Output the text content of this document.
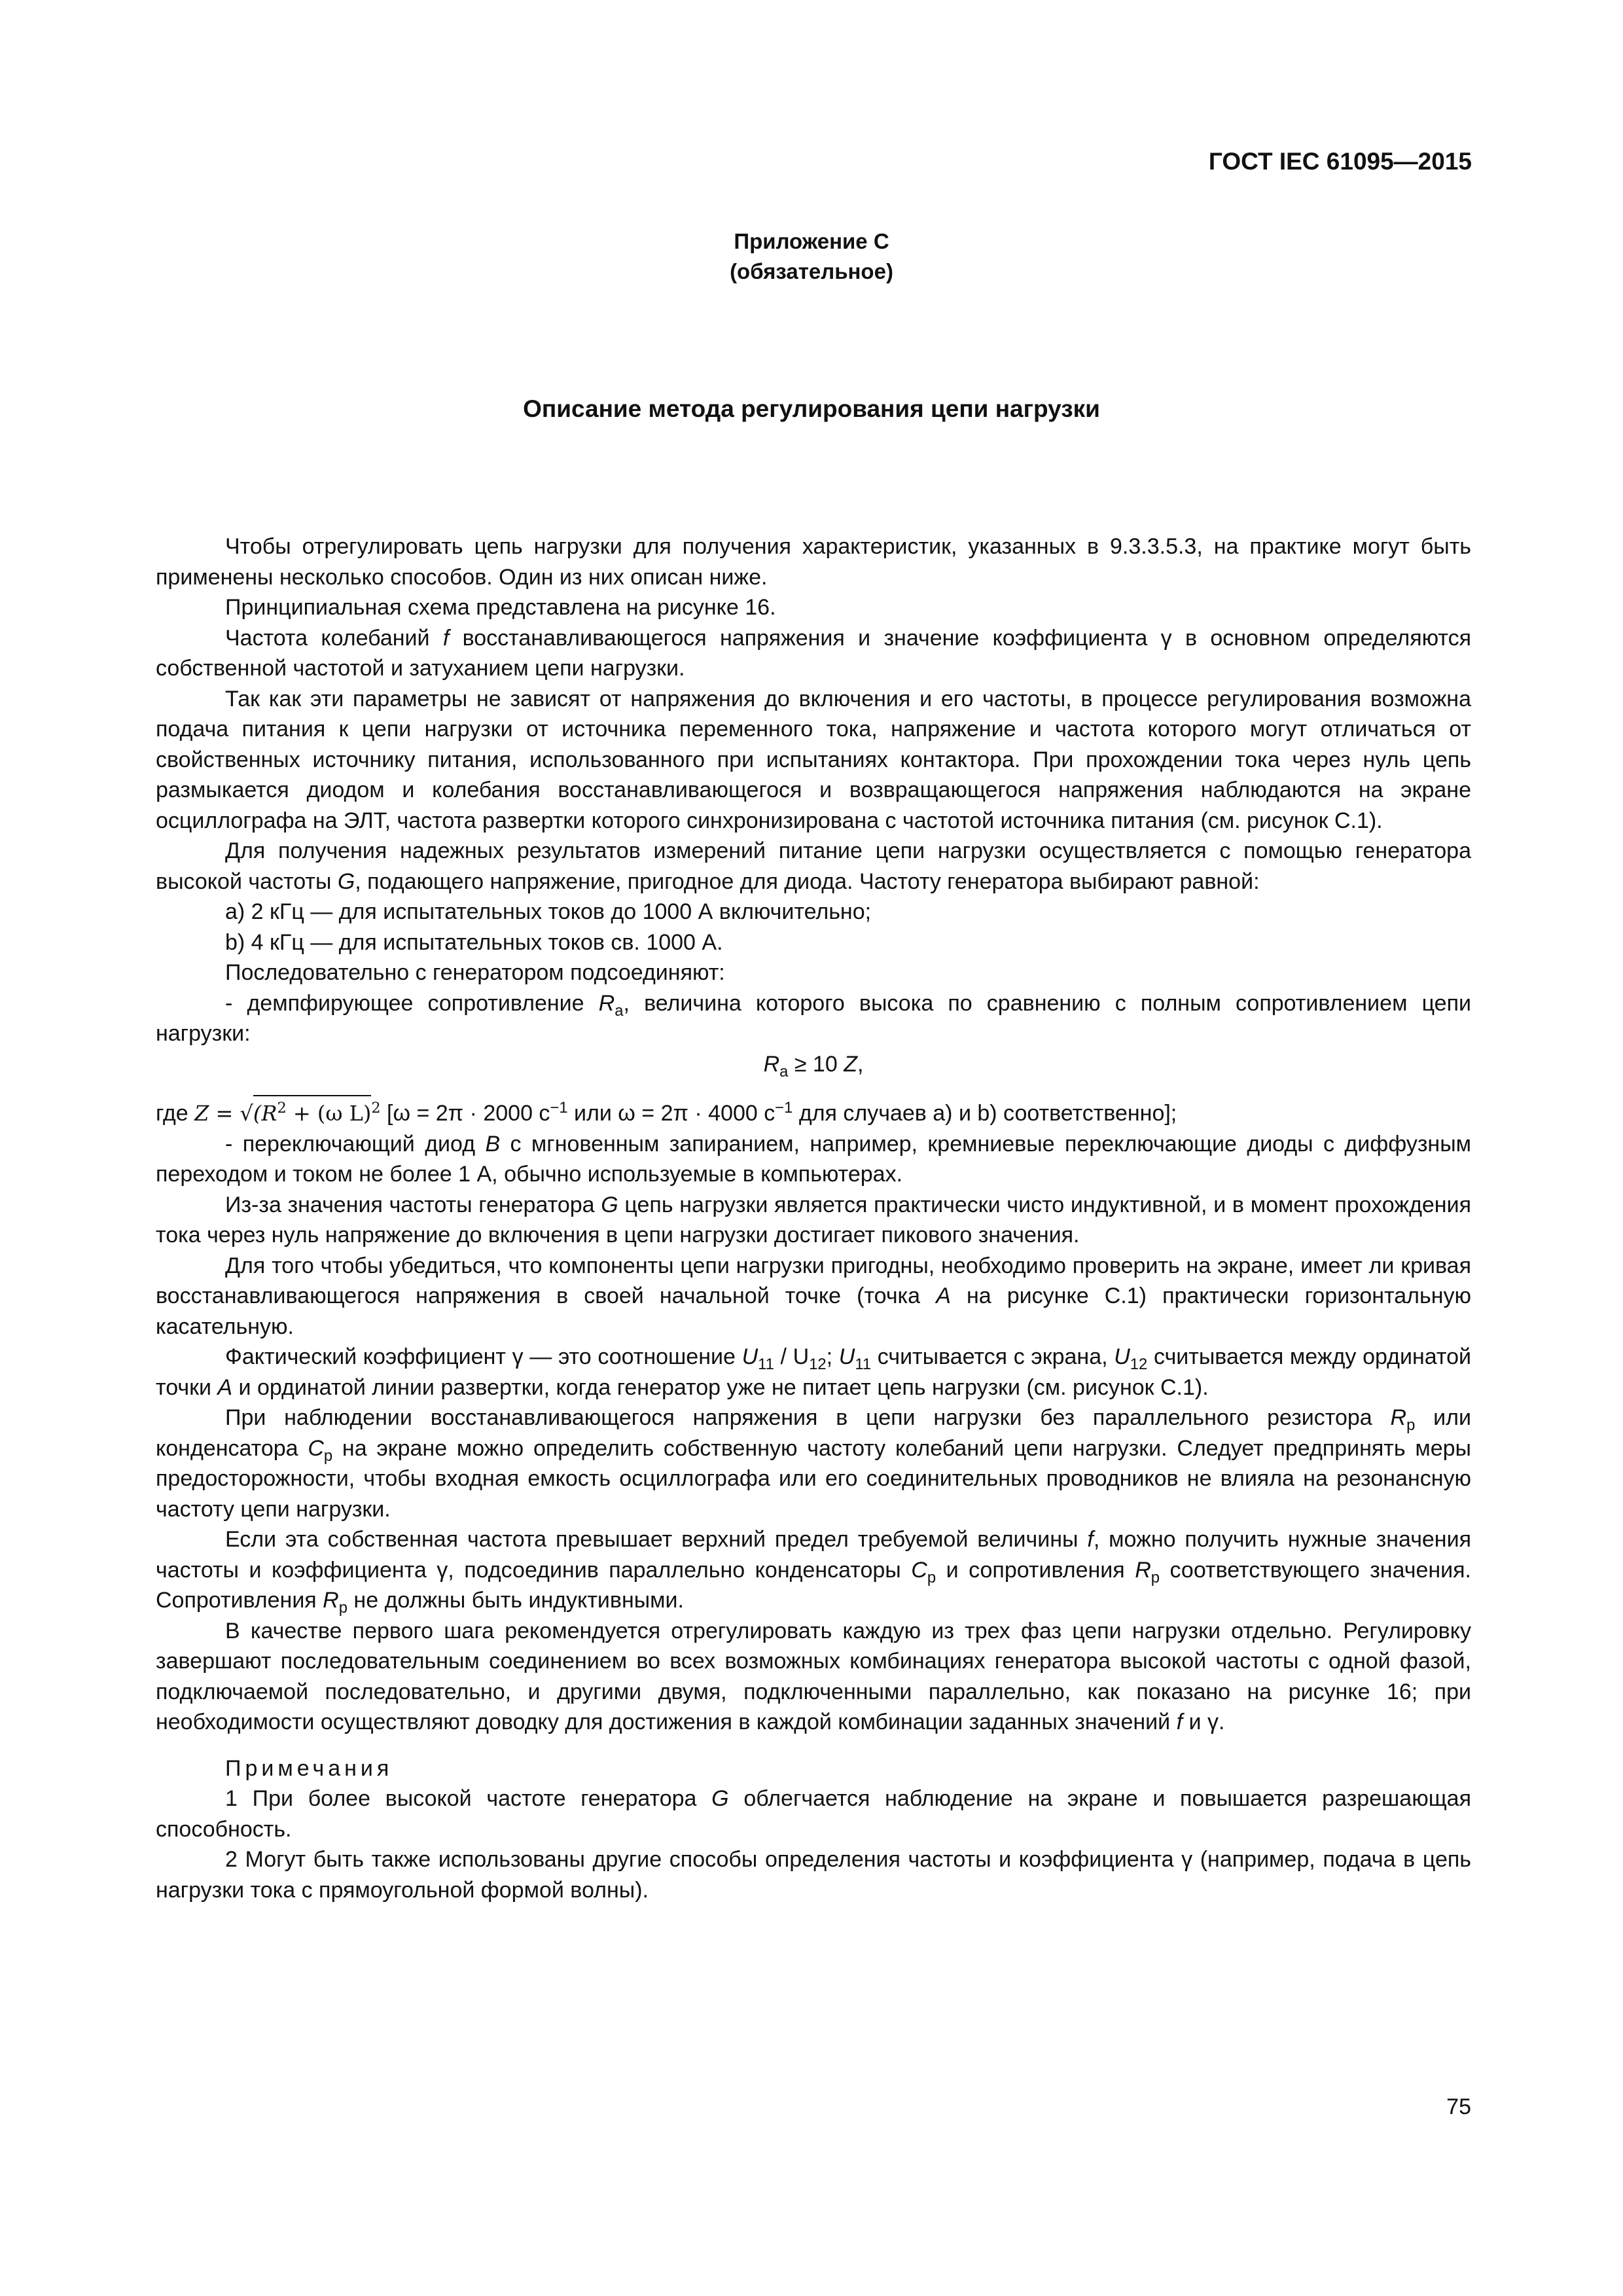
ГОСТ IEC 61095—2015
Приложение С
(обязательное)
Описание метода регулирования цепи нагрузки

Чтобы отрегулировать цепь нагрузки для получения характеристик, указанных в 9.3.3.5.3, на практике могут быть применены несколько способов. Один из них описан ниже.

Принципиальная схема представлена на рисунке 16.

Частота колебаний f восстанавливающегося напряжения и значение коэффициента γ в основном определяются собственной частотой и затуханием цепи нагрузки.

Так как эти параметры не зависят от напряжения до включения и его частоты, в процессе регулирования возможна подача питания к цепи нагрузки от источника переменного тока, напряжение и частота которого могут отличаться от свойственных источнику питания, использованного при испытаниях контактора. При прохождении тока через нуль цепь размыкается диодом и колебания восстанавливающегося и возвращающегося напряжения наблюдаются на экране осциллографа на ЭЛТ, частота развертки которого синхронизирована с частотой источника питания (см. рисунок С.1).

Для получения надежных результатов измерений питание цепи нагрузки осуществляется с помощью генератора высокой частоты G, подающего напряжение, пригодное для диода. Частоту генератора выбирают равной:

a) 2 кГц — для испытательных токов до 1000 А включительно;

b) 4 кГц — для испытательных токов св. 1000 А.

Последовательно с генератором подсоединяют:

- демпфирующее сопротивление $R_a$, величина которого высока по сравнению с полным сопротивлением цепи нагрузки:

$R_a \ge 10$ Z,

где $Z = √(R^2 + (\omega$ L)$^2$ [ω = 2π · 2000 $с^{-1}$ или ω = 2π · 4000 $с^{-1}$ для случаев а) и b) соответственно];

- переключающий диод B с мгновенным запиранием, например, кремниевые переключающие диоды с диффузным переходом и током не более 1 А, обычно используемые в компьютерах.

Из-за значения частоты генератора G цепь нагрузки является практически чисто индуктивной, и в момент прохождения тока через нуль напряжение до включения в цепи нагрузки достигает пикового значения.

Для того чтобы убедиться, что компоненты цепи нагрузки пригодны, необходимо проверить на экране, имеет ли кривая восстанавливающегося напряжения в своей начальной точке (точка А на рисунке С.1) практически горизонтальную касательную.

Фактический коэффициент γ — это соотношение $U_{11} / U_{12}$; $U_{11}$ считывается с экрана, $U_{12}$ считывается между ординатой точки А и ординатой линии развертки, когда генератор уже не питает цепь нагрузки (см. рисунок С.1).

При наблюдении восстанавливающегося напряжения в цепи нагрузки без параллельного резистора $R_p$ или конденсатора $C_p$ на экране можно определить собственную частоту колебаний цепи нагрузки. Следует предпринять меры предосторожности, чтобы входная емкость осциллографа или его соединительных проводников не влияла на резонансную частоту цепи нагрузки.

Если эта собственная частота превышает верхний предел требуемой величины f, можно получить нужные значения частоты и коэффициента γ, подсоединив параллельно конденсаторы $C_p$ и сопротивления $R_p$ соответствующего значения. Сопротивления $R_p$ не должны быть индуктивными.

В качестве первого шага рекомендуется отрегулировать каждую из трех фаз цепи нагрузки отдельно. Регулировку завершают последовательным соединением во всех возможных комбинациях генератора высокой частоты с одной фазой, подключаемой последовательно, и другими двумя, подключенными параллельно, как показано на рисунке 16; при необходимости осуществляют доводку для достижения в каждой комбинации заданных значений f и γ.

Примечания

1 При более высокой частоте генератора G облегчается наблюдение на экране и повышается разрешающая способность.

2 Могут быть также использованы другие способы определения частоты и коэффициента γ (например, подача в цепь нагрузки тока с прямоугольной формой волны).

75
